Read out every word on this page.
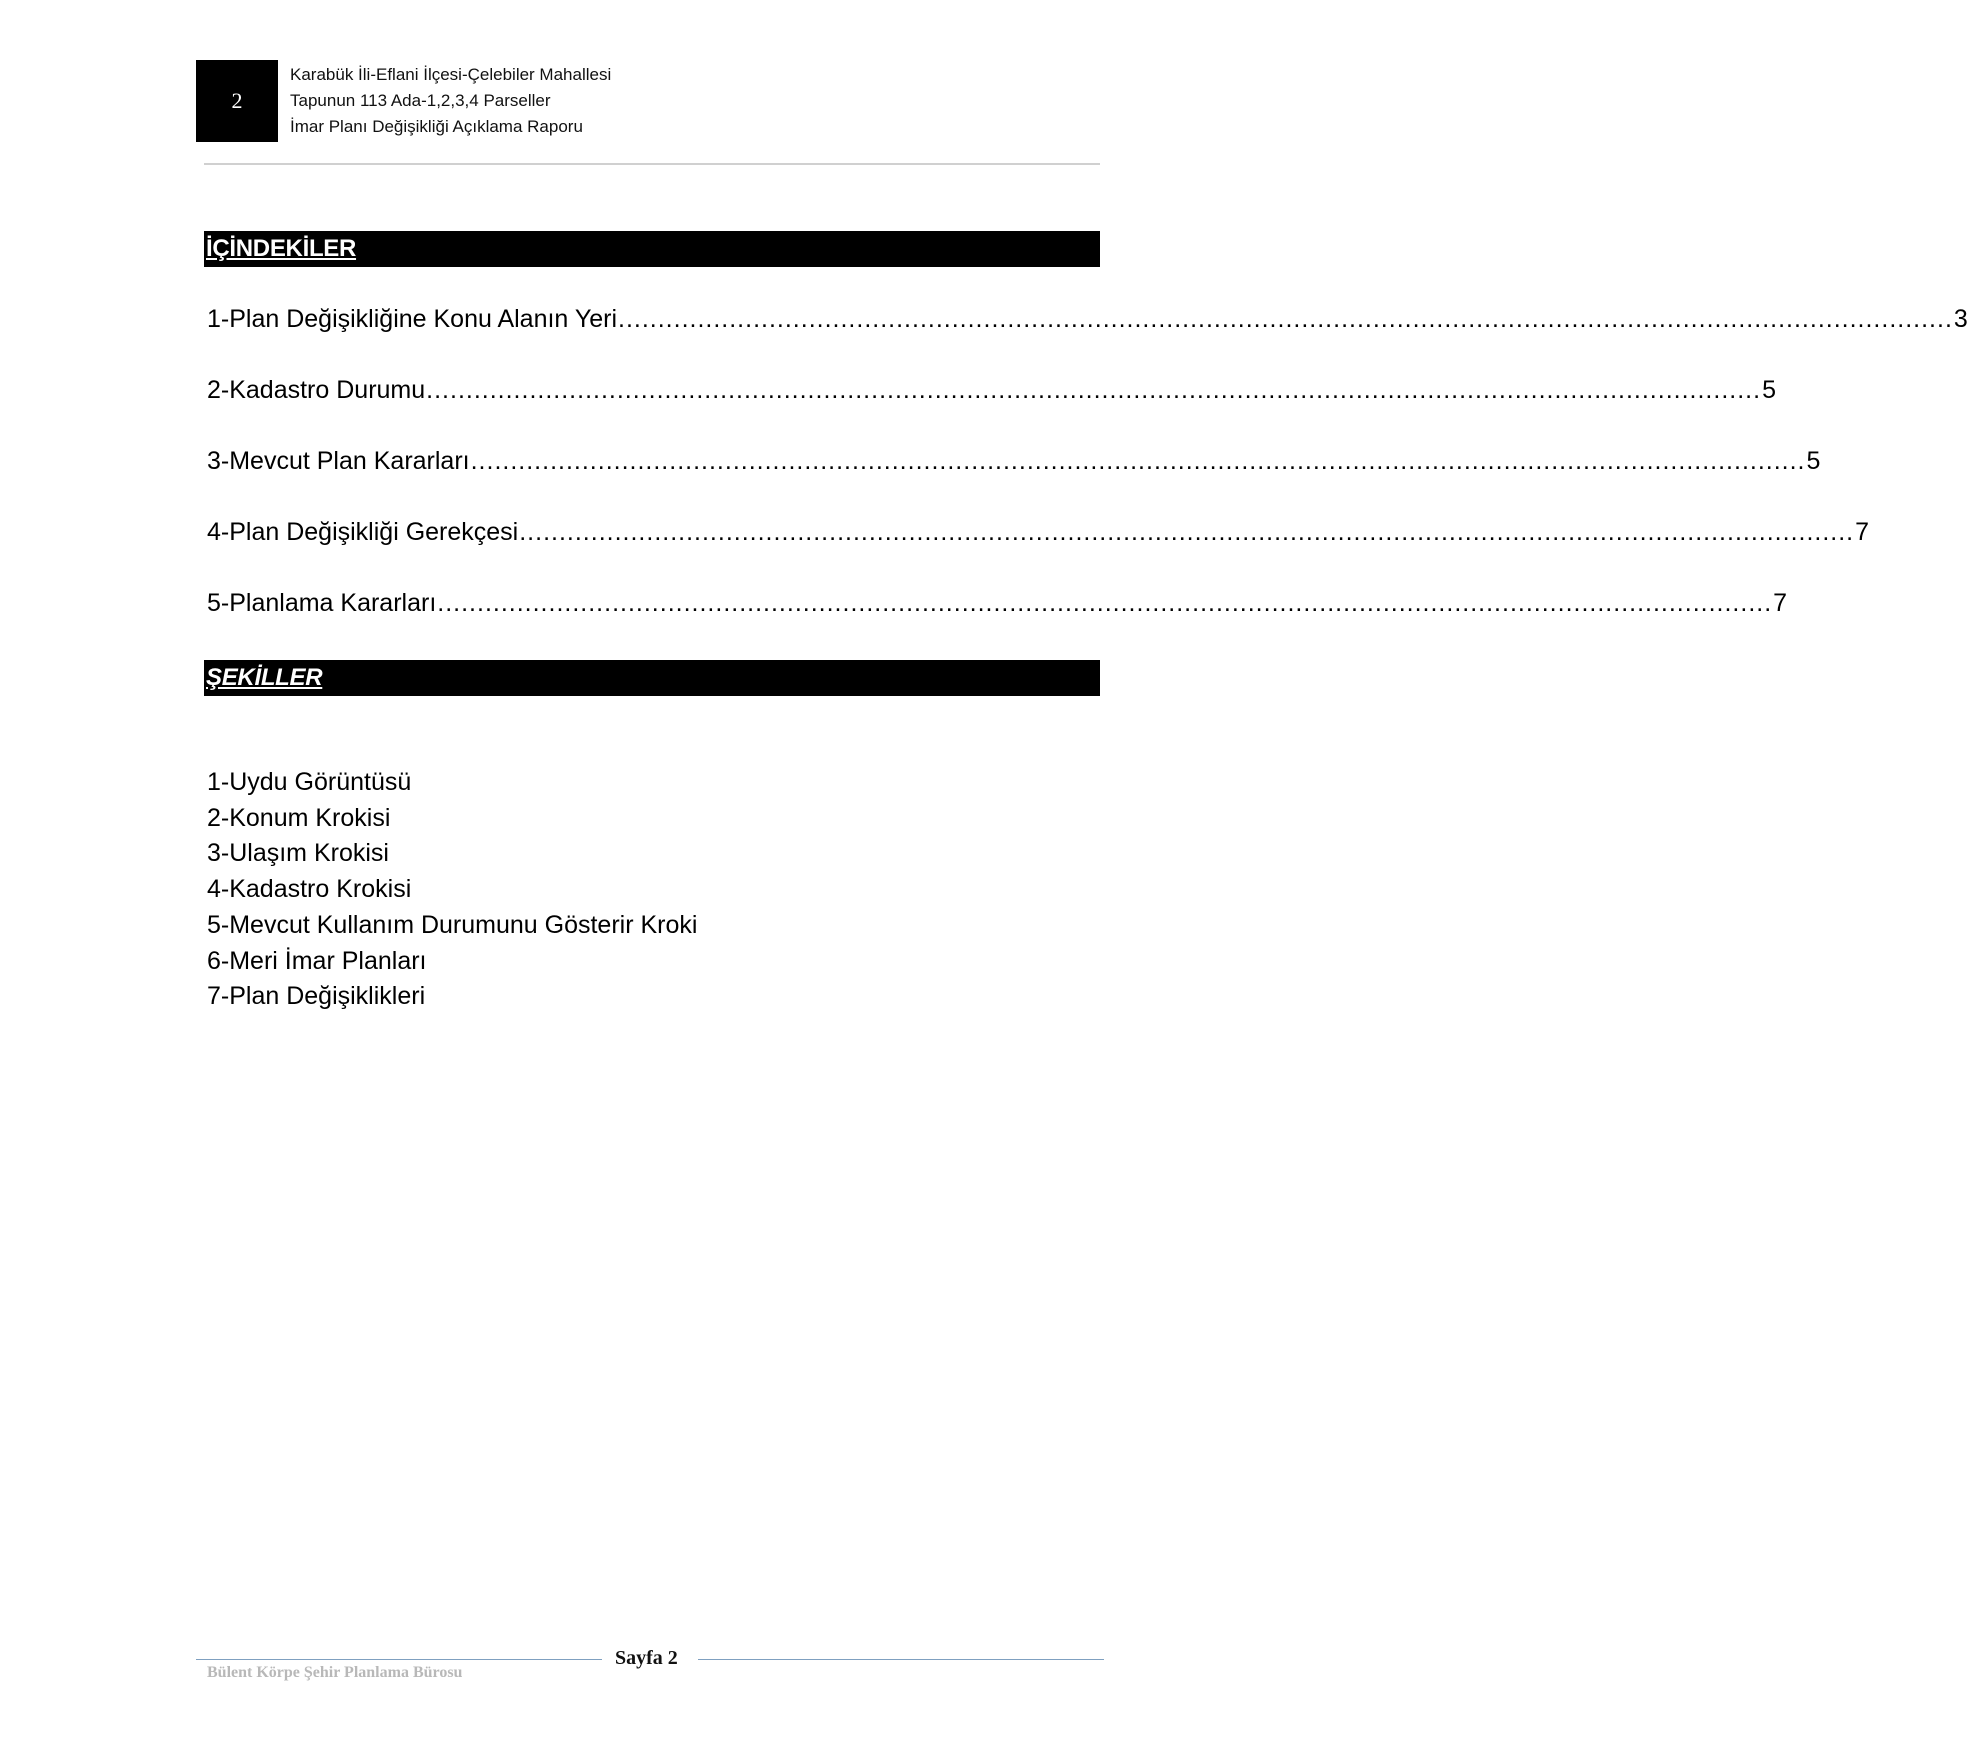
2
Karabük İli-Eflani İlçesi-Çelebiler Mahallesi
Tapunun 113 Ada-1,2,3,4 Parseller
İmar Planı Değişikliği Açıklama Raporu
İÇİNDEKİLER
1-Plan Değişikliğine Konu Alanın Yeri ........................................................................................................................................................................ 3
2-Kadastro Durumu ........................................................................................................................................................................ 5
3-Mevcut Plan Kararları ........................................................................................................................................................................ 5
4-Plan Değişikliği Gerekçesi ........................................................................................................................................................................ 7
5-Planlama Kararları ........................................................................................................................................................................ 7
ŞEKİLLER
1-Uydu Görüntüsü
2-Konum Krokisi
3-Ulaşım Krokisi
4-Kadastro Krokisi
5-Mevcut Kullanım Durumunu Gösterir Kroki
6-Meri İmar Planları
7-Plan Değişiklikleri
Sayfa 2
Bülent Körpe Şehir Planlama Bürosu
